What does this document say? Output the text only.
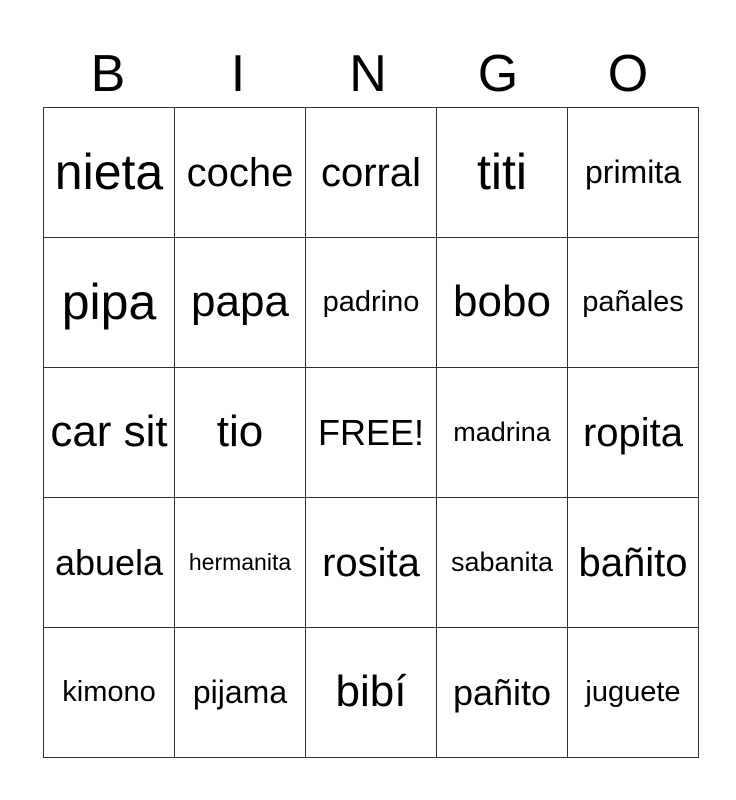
B	I	N	G	O
nieta	coche	corral	titi	primita

pipa	papa	padrino	bobo	pañales

car sit	tio	FREE!	madrina	ropita

abuela	hermanita	rosita	sabanita	bañito

kimono	pijama	bibí	pañito	juguete
